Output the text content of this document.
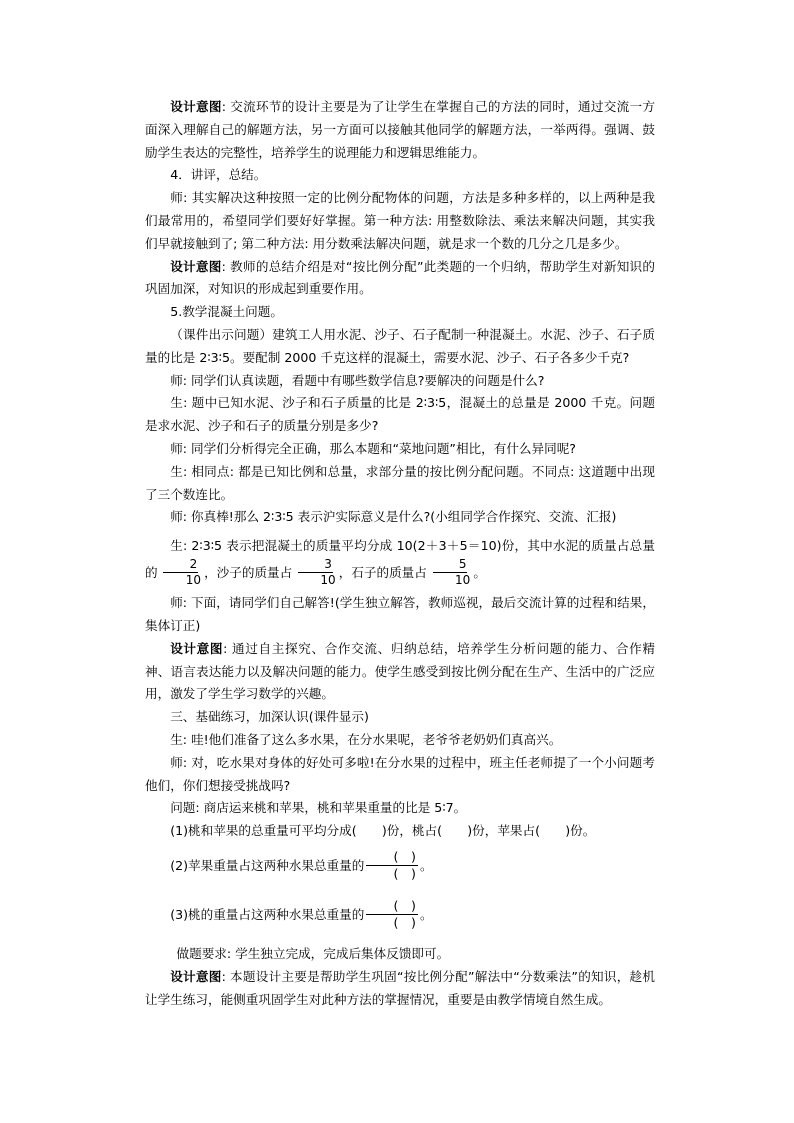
设计意图: 交流环节的设计主要是为了让学生在掌握自己的方法的同时，通过交流一方面深入理解自己的解题方法，另一方面可以接触其他同学的解题方法，一举两得。强调、鼓励学生表达的完整性，培养学生的说理能力和逻辑思维能力。

4．讲评，总结。

师: 其实解决这种按照一定的比例分配物体的问题，方法是多种多样的，以上两种是我们最常用的，希望同学们要好好掌握。第一种方法: 用整数除法、乘法来解决问题，其实我们早就接触到了; 第二种方法: 用分数乘法解决问题，就是求一个数的几分之几是多少。

设计意图: 教师的总结介绍是对“按比例分配”此类题的一个归纳，帮助学生对新知识的巩固加深，对知识的形成起到重要作用。

5.教学混凝土问题。

（课件出示问题）建筑工人用水泥、沙子、石子配制一种混凝土。水泥、沙子、石子质量的比是 2∶3∶5。要配制 2000 千克这样的混凝土，需要水泥、沙子、石子各多少千克?

师: 同学们认真读题，看题中有哪些数学信息?要解决的问题是什么?

生: 题中已知水泥、沙子和石子质量的比是 2∶3∶5，混凝土的总量是 2000 千克。问题是求水泥、沙子和石子的质量分别是多少?

师: 同学们分析得完全正确，那么本题和“菜地问题”相比，有什么异同呢?

生: 相同点: 都是已知比例和总量，求部分量的按比例分配问题。不同点: 这道题中出现了三个数连比。

师: 你真棒!那么 2∶3∶5 表示沪实际意义是什么?(小组同学合作探究、交流、汇报)

生: 2∶3∶5 表示把混凝土的质量平均分成 10(2＋3＋5＝10)份，其中水泥的质量占总量的 $\frac{2}{10}$ ，沙子的质量占 $\frac{3}{10}$ ，石子的质量占 $\frac{5}{10}$ 。

师: 下面，请同学们自己解答!(学生独立解答，教师巡视，最后交流计算的过程和结果，集体订正)

设计意图: 通过自主探究、合作交流、归纳总结，培养学生分析问题的能力、合作精神、语言表达能力以及解决问题的能力。使学生感受到按比例分配在生产、生活中的广泛应用，激发了学生学习数学的兴趣。

三、基础练习，加深认识(课件显示)

生: 哇!他们准备了这么多水果，在分水果呢，老爷爷老奶奶们真高兴。

师: 对，吃水果对身体的好处可多啦!在分水果的过程中，班主任老师提了一个小问题考他们，你们想接受挑战吗?

问题: 商店运来桃和苹果，桃和苹果重量的比是 5∶7。

(1)桃和苹果的总重量可平均分成(　　)份，桃占(　　)份，苹果占(　　)份。

(2)苹果重量占这两种水果总重量的 $\frac{( )}{( )}$ 。

(3)桃的重量占这两种水果总重量的 $\frac{( )}{( )}$ 。

做题要求: 学生独立完成，完成后集体反馈即可。

设计意图: 本题设计主要是帮助学生巩固“按比例分配”解法中“分数乘法”的知识，趁机让学生练习，能侧重巩固学生对此种方法的掌握情况，重要是由教学情境自然生成。
